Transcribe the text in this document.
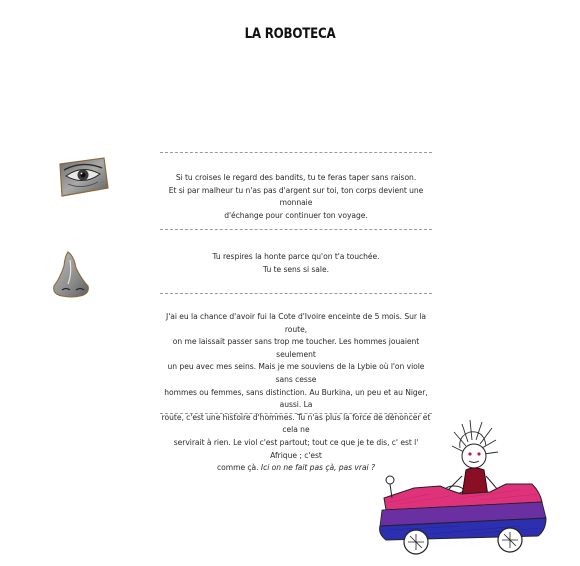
LA ROBOTECA

Si tu croises le regard des bandits, tu te feras taper sans raison.

Et si par malheur tu n'as pas d'argent sur toi, ton corps devient une monnaie

d'échange pour continuer ton voyage.

Tu respires la honte parce qu'on t'a touchée.

Tu te sens si sale.

J'ai eu la chance d'avoir fui la Cote d'Ivoire enceinte de 5 mois. Sur la route,

on me laissait passer sans trop me toucher. Les hommes jouaient seulement

un peu avec mes seins. Mais je me souviens de la Lybie où l'on viole sans cesse

hommes ou femmes, sans distinction. Au Burkina, un peu et au Niger, aussi. La

route, c'est une histoire d'hommes. Tu n'as plus la force de dénoncer et cela ne

servirait à rien. Le viol c'est partout; tout ce que je te dis, c' est l' Afrique ; c'est

comme çà. Ici on ne fait pas çà, pas vrai ?
